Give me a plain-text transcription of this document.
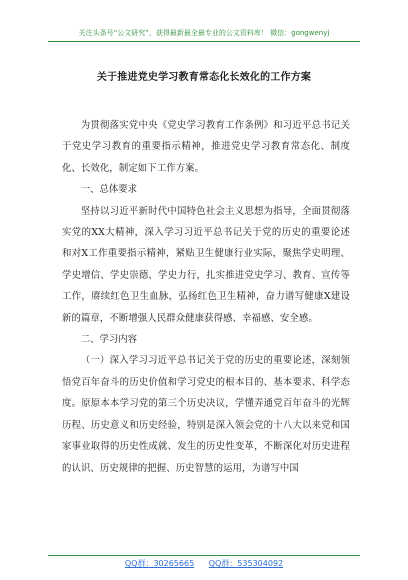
关注头条号“公文研究”，获得最新最全最专业的公文资料库！ 微信：gongwenyj
关于推进党史学习教育常态化长效化的工作方案

为贯彻落实党中央《党史学习教育工作条例》和习近平总书记关于党史学习教育的重要指示精神，推进党史学习教育常态化、制度化、长效化，制定如下工作方案。

一、总体要求

坚持以习近平新时代中国特色社会主义思想为指导，全面贯彻落实党的XX大精神，深入学习习近平总书记关于党的历史的重要论述和对X工作重要指示精神，紧贴卫生健康行业实际，聚焦学史明理、学史增信、学史崇德、学史力行，扎实推进党史学习、教育、宣传等工作，赓续红色卫生血脉，弘扬红色卫生精神，奋力谱写健康X建设新的篇章，不断增强人民群众健康获得感、幸福感、安全感。

二、学习内容

（一）深入学习习近平总书记关于党的历史的重要论述，深刻领悟党百年奋斗的历史价值和学习党史的根本目的、基本要求、科学态度。原原本本学习党的第三个历史决议，学懂弄通党百年奋斗的光辉历程、历史意义和历史经验，特别是深入领会党的十八大以来党和国家事业取得的历史性成就、发生的历史性变革，不断深化对历史进程的认识、历史规律的把握、历史智慧的运用，为谱写中国

QQ群：30265665 QQ群：535304092
